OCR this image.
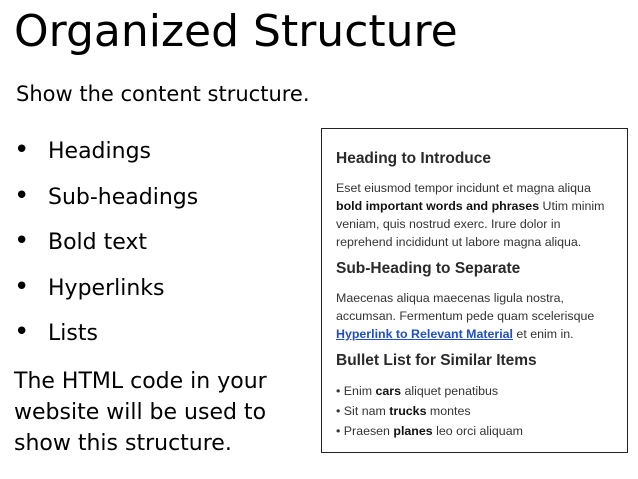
Organized Structure
Show the content structure.
• Headings
• Sub-headings
• Bold text
• Hyperlinks
• Lists
The HTML code in your website will be used to show this structure.
Heading to Introduce

Eset eiusmod tempor incidunt et magna aliqua bold important words and phrases Utim minim veniam, quis nostrud exerc. Irure dolor in reprehend incididunt ut labore magna aliqua.

Sub-Heading to Separate

Maecenas aliqua maecenas ligula nostra, accumsan. Fermentum pede quam scelerisque Hyperlink to Relevant Material et enim in.

Bullet List for Similar Items
• Enim cars aliquet penatibus
• Sit nam trucks montes
• Praesen planes leo orci aliquam
